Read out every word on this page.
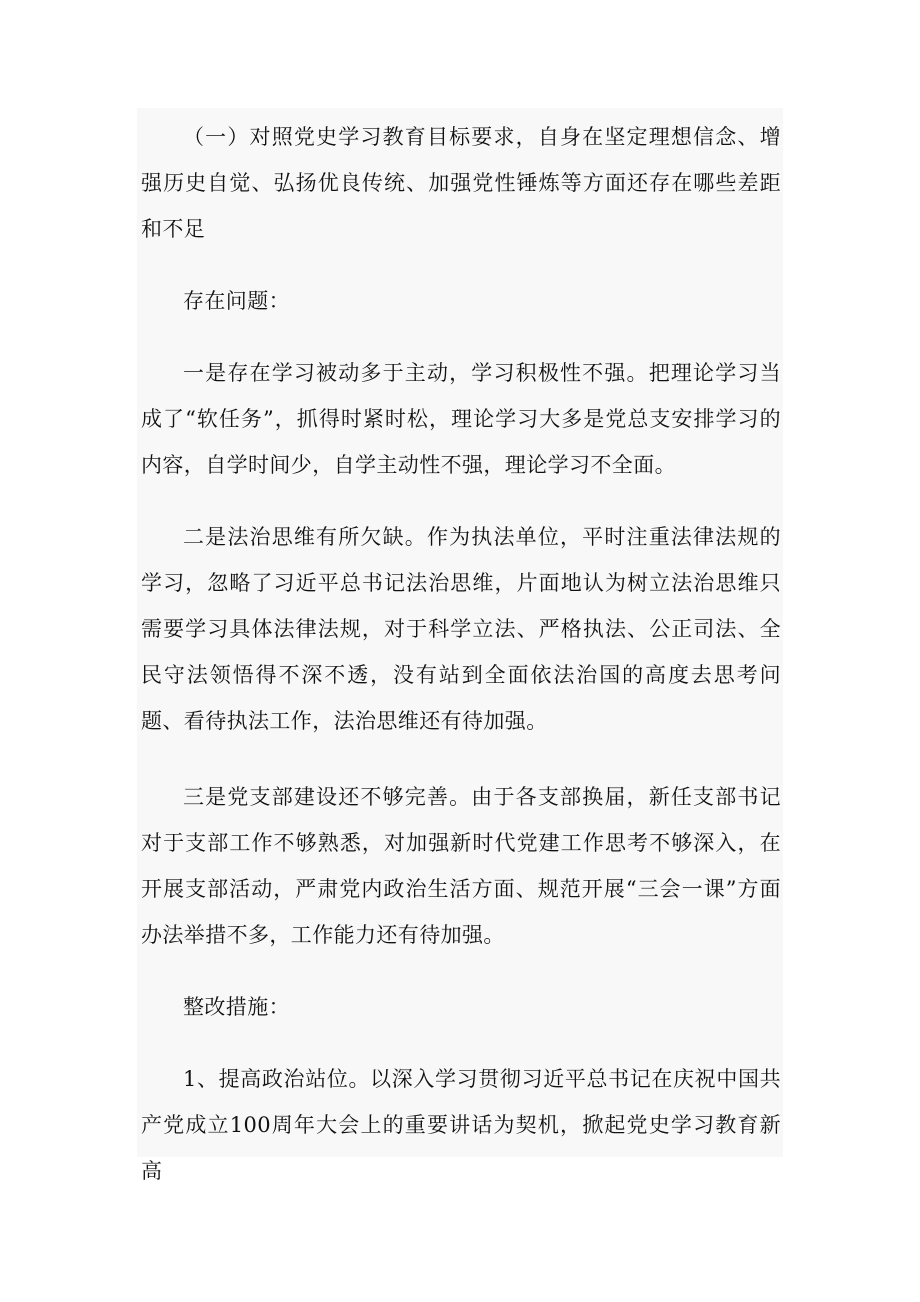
（一）对照党史学习教育目标要求，自身在坚定理想信念、增强历史自觉、弘扬优良传统、加强党性锤炼等方面还存在哪些差距和不足

存在问题：

一是存在学习被动多于主动，学习积极性不强。把理论学习当成了“软任务”，抓得时紧时松，理论学习大多是党总支安排学习的内容，自学时间少，自学主动性不强，理论学习不全面。

二是法治思维有所欠缺。作为执法单位，平时注重法律法规的学习，忽略了习近平总书记法治思维，片面地认为树立法治思维只需要学习具体法律法规，对于科学立法、严格执法、公正司法、全民守法领悟得不深不透，没有站到全面依法治国的高度去思考问题、看待执法工作，法治思维还有待加强。

三是党支部建设还不够完善。由于各支部换届，新任支部书记对于支部工作不够熟悉，对加强新时代党建工作思考不够深入，在开展支部活动，严肃党内政治生活方面、规范开展“三会一课”方面办法举措不多，工作能力还有待加强。

整改措施：

1、提高政治站位。以深入学习贯彻习近平总书记在庆祝中国共产党成立100周年大会上的重要讲话为契机，掀起党史学习教育新高
